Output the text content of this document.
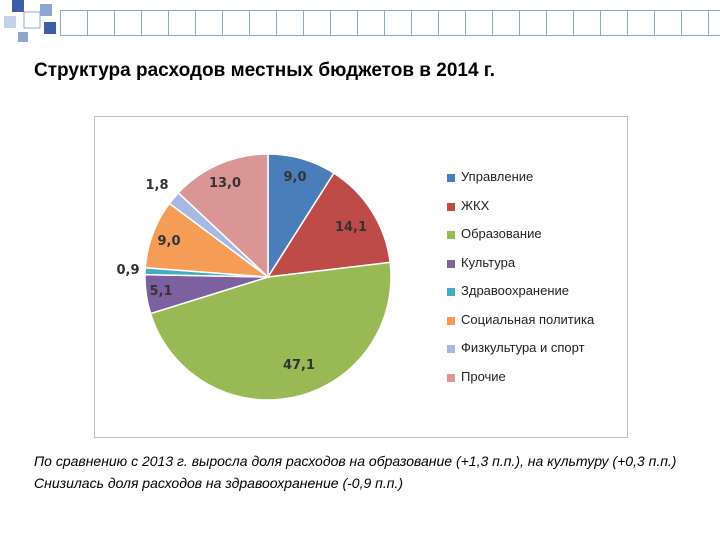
Структура расходов местных бюджетов в 2014 г.
9,0
14,1
47,1
5,1
0,9
9,0
1,8	13,0	Управление
ЖКХ
Образование
Культура
Здравоохранение
Социальная политика
Физкультура и спорт
Прочие

По сравнению с 2013 г. выросла доля расходов на образование (+1,3 п.п.), на культуру (+0,3 п.п.)

Снизилась доля расходов на здравоохранение (-0,9 п.п.)
